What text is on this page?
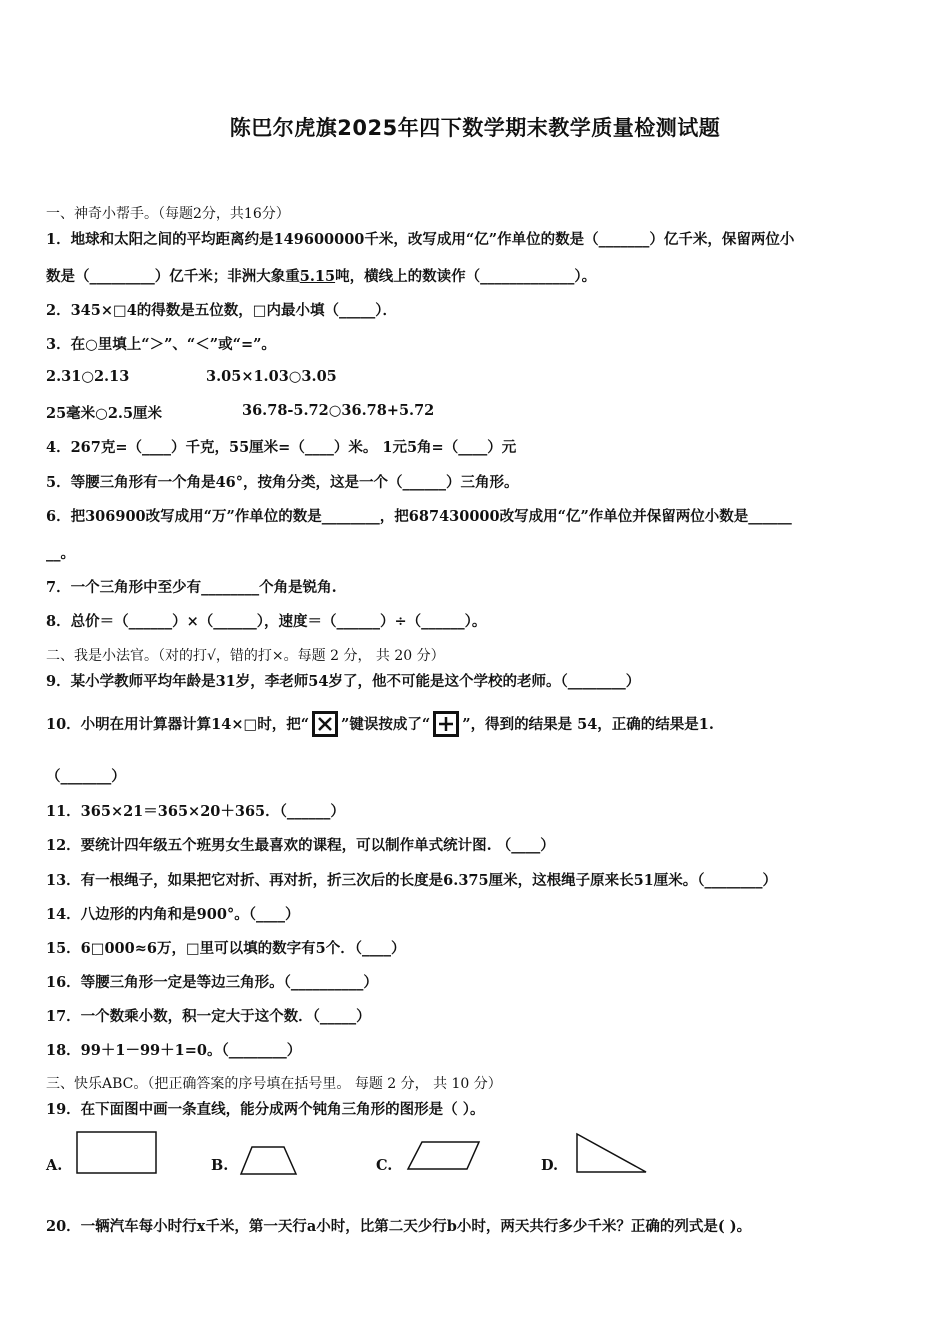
陈巴尔虎旗2025年四下数学期末教学质量检测试题
一、神奇小帮手。（每题2分，共16分）
1．地球和太阳之间的平均距离约是149600000千米，改写成用“亿”作单位的数是（_______）亿千米，保留两位小
数是（_________）亿千米；非洲大象重5.15吨，横线上的数读作（_____________）。
2．345×□4的得数是五位数，□内最小填（_____）．
3．在○里填上“＞”、“＜”或“=”。
2.31○2.13	3.05×1.03○3.05
25毫米○2.5厘米	36.78-5.72○36.78+5.72
4．267克=（____）千克，55厘米=（____）米。 1元5角=（____）元
5．等腰三角形有一个角是46°，按角分类，这是一个（______）三角形。
6．把306900改写成用“万”作单位的数是________，把687430000改写成用“亿”作单位并保留两位小数是______
__。
7．一个三角形中至少有________个角是锐角.
8．总价＝（______）×（______），速度＝（______）÷（______）。
二、我是小法官。（对的打√，错的打×。每题 2 分， 共 20 分）
9．某小学教师平均年龄是31岁，李老师54岁了，他不可能是这个学校的老师。（________）
10．小明在用计算器计算14×□时，把“ ”键误按成了“ ”，得到的结果是 54，正确的结果是1.
（_______）
11．365×21＝365×20＋365．（______）
12．要统计四年级五个班男女生最喜欢的课程，可以制作单式统计图. （____）
13．有一根绳子，如果把它对折、再对折，折三次后的长度是6.375厘米，这根绳子原来长51厘米。（________）
14．八边形的内角和是900°。（____）
15．6□000≈6万，□里可以填的数字有5个．（____）
16．等腰三角形一定是等边三角形。（__________）
17．一个数乘小数，积一定大于这个数．（_____）
18．99＋1－99＋1=0。（________）
三、快乐ABC。（把正确答案的序号填在括号里。 每题 2 分， 共 10 分）
19．在下面图中画一条直线，能分成两个钝角三角形的图形是（ ）。
A.	B.	C.	D.
20．一辆汽车每小时行x千米，第一天行a小时，比第二天少行b小时，两天共行多少千米？正确的列式是( )。
